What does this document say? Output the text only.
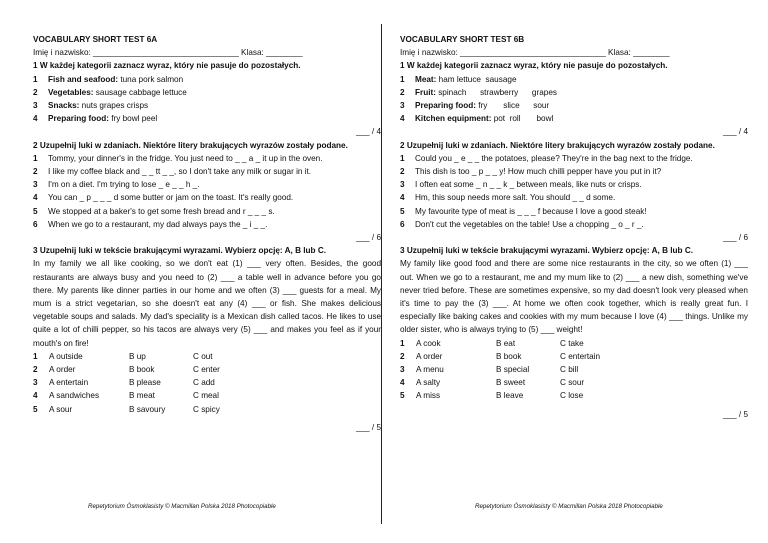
VOCABULARY SHORT TEST 6A
Imię i nazwisko: ________________________________ Klasa: ________
1 W każdej kategorii zaznacz wyraz, który nie pasuje do pozostałych.
1 Fish and seafood: tuna pork salmon
2 Vegetables: sausage cabbage lettuce
3 Snacks: nuts grapes crisps
4 Preparing food: fry bowl peel
___ / 4
2 Uzupełnij luki w zdaniach. Niektóre litery brakujących wyrazów zostały podane.
1 Tommy, your dinner's in the fridge. You just need to _ _ a _ it up in the oven.
2 I like my coffee black and _ _ tt _ _, so I don't take any milk or sugar in it.
3 I'm on a diet. I'm trying to lose _ e _ _ h _.
4 You can _ p _ _ _ d some butter or jam on the toast. It's really good.
5 We stopped at a baker's to get some fresh bread and r _ _ _ s.
6 When we go to a restaurant, my dad always pays the _ i _ _.
___ / 6
3 Uzupełnij luki w tekście brakującymi wyrazami. Wybierz opcję: A, B lub C.
In my family we all like cooking, so we don't eat (1) ___ very often. Besides, the good restaurants are always busy and you need to (2) ___ a table well in advance before you go there. My parents like dinner parties in our home and we often (3) ___ guests for a meal. My mum is a strict vegetarian, so she doesn't eat any (4) ___ or fish. She makes delicious vegetable soups and salads. My dad's speciality is a Mexican dish called tacos. He likes to use quite a lot of chilli pepper, so his tacos are always very (5) ___ and makes you feel as if your mouth's on fire!
1	A outside	B up	C out
2	A order	B book	C enter
3	A entertain	B please	C add
4	A sandwiches	B meat	C meal
5	A sour	B savoury	C spicy
___ / 5
VOCABULARY SHORT TEST 6B
Imię i nazwisko: ________________________________ Klasa: ________
1 W każdej kategorii zaznacz wyraz, który nie pasuje do pozostałych.
1 Meat: ham lettuce  sausage
2 Fruit: spinach      strawberry      grapes
3 Preparing food: fry       slice      sour
4 Kitchen equipment: pot  roll       bowl
___ / 4
2 Uzupełnij luki w zdaniach. Niektóre litery brakujących wyrazów zostały podane.
1 Could you _ e _ _ the potatoes, please? They're in the bag next to the fridge.
2 This dish is too _ p _ _ y! How much chilli pepper have you put in it?
3 I often eat some _ n _ _ k _ between meals, like nuts or crisps.
4 Hm, this soup needs more salt. You should _ _ d some.
5 My favourite type of meat is _ _ _ f because I love a good steak!
6 Don't cut the vegetables on the table! Use a chopping _ o _ r _.
___ / 6
3 Uzupełnij luki w tekście brakującymi wyrazami. Wybierz opcję: A, B lub C.
My family like good food and there are some nice restaurants in the city, so we often (1) ___ out. When we go to a restaurant, me and my mum like to (2) ___ a new dish, something we've never tried before. These are sometimes expensive, so my dad doesn't look very pleased when it's time to pay the (3) ___. At home we often cook together, which is really great fun. I especially like baking cakes and cookies with my mum because I love (4) ___ things. Unlike my older sister, who is always trying to (5) ___ weight!
1	A cook	B eat	C take
2	A order	B book	C entertain
3	A menu	B special	C bill
4	A salty	B sweet	C sour
5	A miss	B leave	C lose
___ / 5
Repetytorium Ósmoklasisty © Macmillan Polska 2018 Photocopiable	Repetytorium Ósmoklasisty © Macmillan Polska 2018 Photocopiable
